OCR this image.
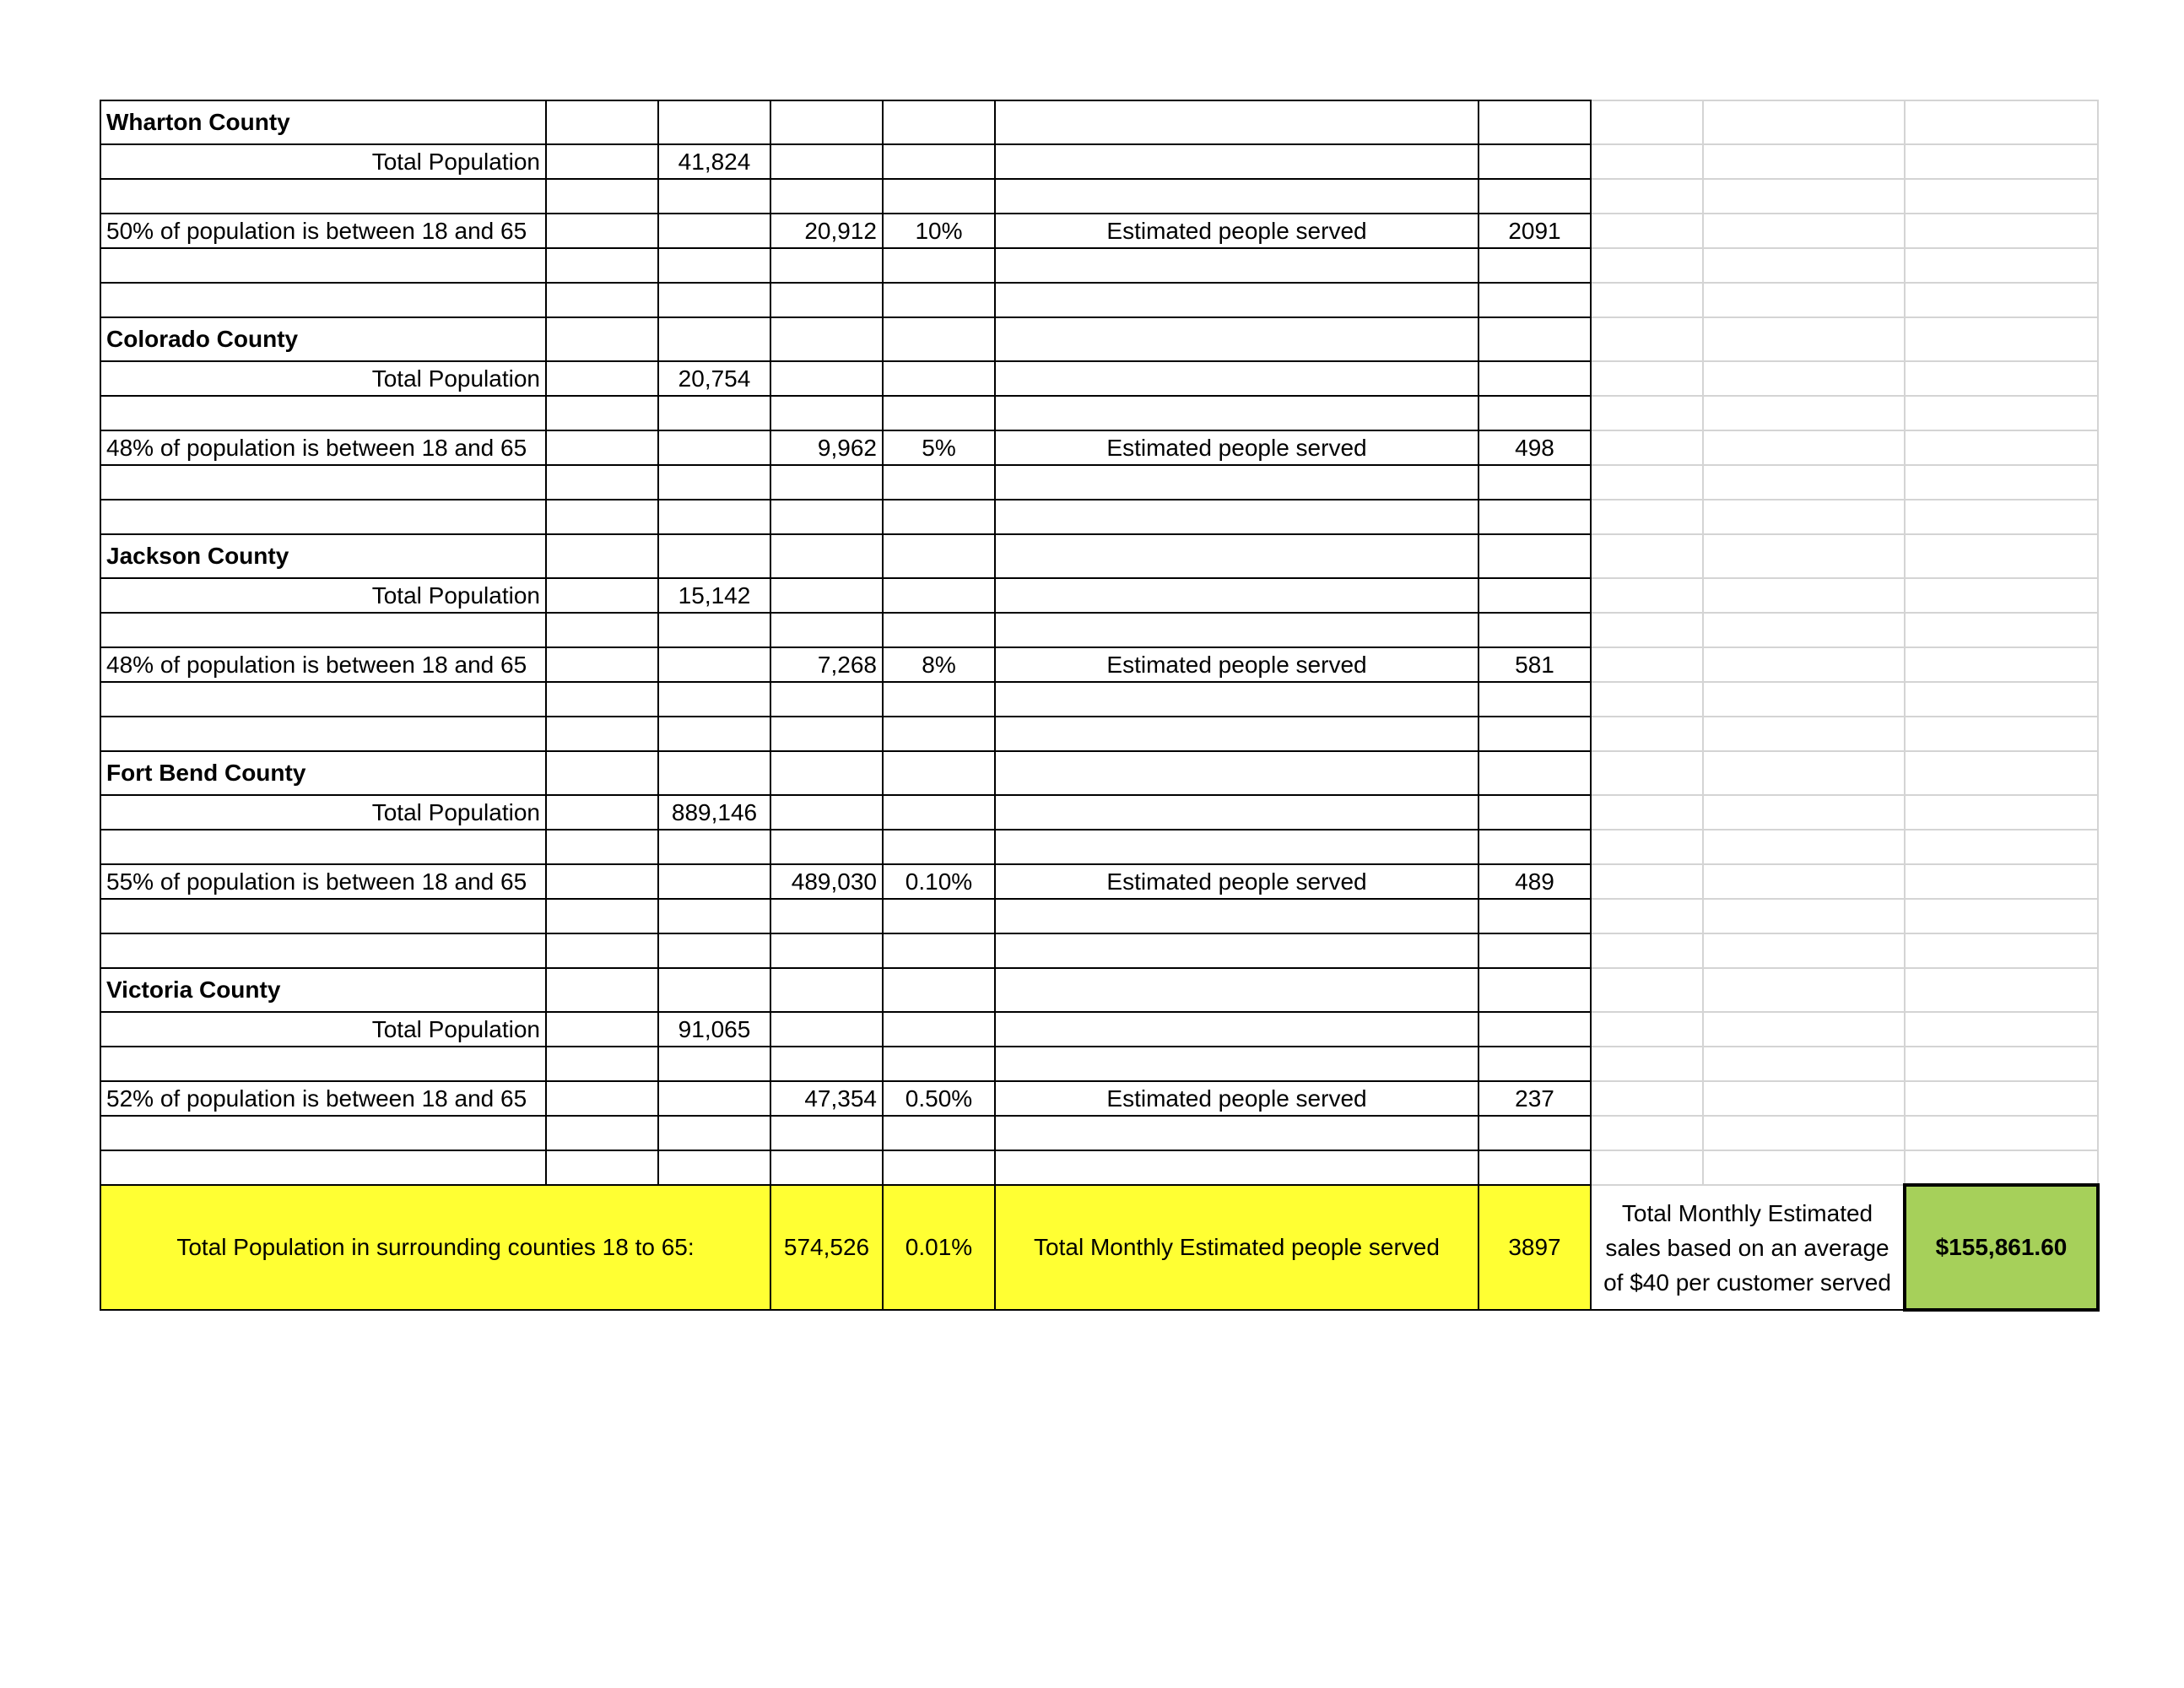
Wharton County									
Total Population		41,824							

50% of population is between 18 and 65			20,912	10%	Estimated people served	2091			

Colorado County									
Total Population		20,754							

48% of population is between 18 and 65			9,962	5%	Estimated people served	498			

Jackson County									
Total Population		15,142							

48% of population is between 18 and 65			7,268	8%	Estimated people served	581			

Fort Bend County									
Total Population		889,146							

55% of population is between 18 and 65			489,030	0.10%	Estimated people served	489			

Victoria County									
Total Population		91,065							

52% of population is between 18 and 65			47,354	0.50%	Estimated people served	237			

Total Population in surrounding counties 18 to 65:			574,526	0.01%	Total Monthly Estimated people served	3897	Total Monthly Estimated sales based on an average of $40 per customer served		$155,861.60
